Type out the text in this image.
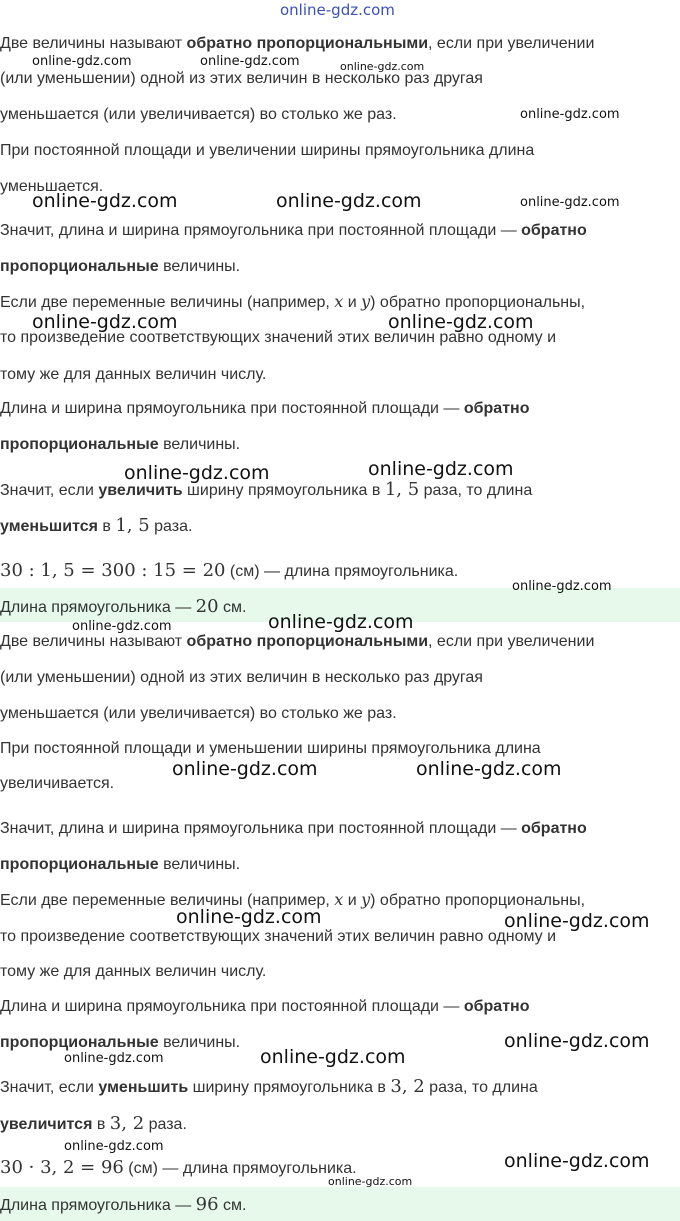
Две величины называют обратно пропорциональными, если при увеличении

(или уменьшении) одной из этих величин в несколько раз другая

уменьшается (или увеличивается) во столько же раз.

При постоянной площади и увеличении ширины прямоугольника длина

уменьшается.

Значит, длина и ширина прямоугольника при постоянной площади — обратно

пропорциональные величины.

Если две переменные величины (например, x и y) обратно пропорциональны,

то произведение соответствующих значений этих величин равно одному и

тому же для данных величин числу.

Длина и ширина прямоугольника при постоянной площади — обратно

пропорциональные величины.

Значит, если увеличить ширину прямоугольника в 1, 5 раза, то длина

уменьшится в 1, 5 раза.

30 : 1, 5 = 300 : 15 = 20 (см) — длина прямоугольника.

Длина прямоугольника — 20 см.

Две величины называют обратно пропорциональными, если при увеличении

(или уменьшении) одной из этих величин в несколько раз другая

уменьшается (или увеличивается) во столько же раз.

При постоянной площади и уменьшении ширины прямоугольника длина

увеличивается.

Значит, длина и ширина прямоугольника при постоянной площади — обратно

пропорциональные величины.

Если две переменные величины (например, x и y) обратно пропорциональны,

то произведение соответствующих значений этих величин равно одному и

тому же для данных величин числу.

Длина и ширина прямоугольника при постоянной площади — обратно

пропорциональные величины.

Значит, если уменьшить ширину прямоугольника в 3, 2 раза, то длина

увеличится в 3, 2 раза.

30 · 3, 2 = 96 (см) — длина прямоугольника.

Длина прямоугольника — 96 см.

online-gdz.com
online-gdz.com	online-gdz.com	online-gdz.com
online-gdz.com
online-gdz.com	online-gdz.com	online-gdz.com
online-gdz.com	online-gdz.com
online-gdz.com	online-gdz.com
online-gdz.com
online-gdz.com	online-gdz.com
online-gdz.com	online-gdz.com
online-gdz.com	online-gdz.com
online-gdz.com
online-gdz.com	online-gdz.com
online-gdz.com
online-gdz.com
online-gdz.com
